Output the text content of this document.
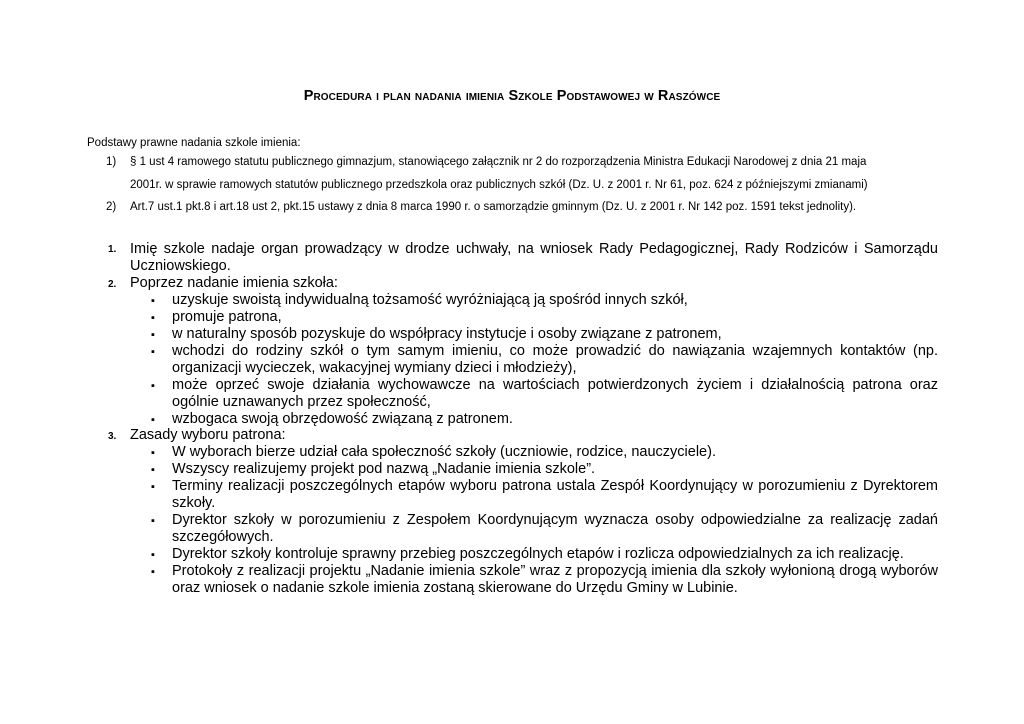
Procedura i plan nadania imienia Szkole Podstawowej w Raszówce
Podstawy prawne nadania szkole imienia:
1) § 1 ust 4 ramowego statutu publicznego gimnazjum, stanowiącego załącznik nr 2 do rozporządzenia Ministra Edukacji Narodowej z dnia 21 maja
2001r. w sprawie ramowych statutów publicznego przedszkola oraz publicznych szkół (Dz. U. z 2001 r. Nr 61, poz. 624 z późniejszymi zmianami)
2) Art.7 ust.1 pkt.8 i art.18 ust 2, pkt.15 ustawy z dnia 8 marca 1990 r. o samorządzie gminnym (Dz. U. z 2001 r. Nr 142 poz. 1591 tekst jednolity).
1. Imię szkole nadaje organ prowadzący w drodze uchwały, na wniosek Rady Pedagogicznej, Rady Rodziców i Samorządu
Uczniowskiego.
2. Poprzez nadanie imienia szkoła:
▪ uzyskuje swoistą indywidualną tożsamość wyróżniającą ją spośród innych szkół,
▪ promuje patrona,
▪ w naturalny sposób pozyskuje do współpracy instytucje i osoby związane z patronem,
▪ wchodzi do rodziny szkół o tym samym imieniu, co może prowadzić do nawiązania wzajemnych kontaktów (np.
organizacji wycieczek, wakacyjnej wymiany dzieci i młodzieży),
▪ może oprzeć swoje działania wychowawcze na wartościach potwierdzonych życiem i działalnością patrona oraz
ogólnie uznawanych przez społeczność,
▪ wzbogaca swoją obrzędowość związaną z patronem.
3. Zasady wyboru patrona:
▪ W wyborach bierze udział cała społeczność szkoły (uczniowie, rodzice, nauczyciele).
▪ Wszyscy realizujemy projekt pod nazwą „Nadanie imienia szkole”.
▪ Terminy realizacji poszczególnych etapów wyboru patrona ustala Zespół Koordynujący w porozumieniu z Dyrektorem
szkoły.
▪ Dyrektor szkoły w porozumieniu z Zespołem Koordynującym wyznacza osoby odpowiedzialne za realizację zadań
szczegółowych.
▪ Dyrektor szkoły kontroluje sprawny przebieg poszczególnych etapów i rozlicza odpowiedzialnych za ich realizację.
▪ Protokoły z realizacji projektu „Nadanie imienia szkole” wraz z propozycją imienia dla szkoły wyłonioną drogą wyborów
oraz wniosek o nadanie szkole imienia zostaną skierowane do Urzędu Gminy w Lubinie.
